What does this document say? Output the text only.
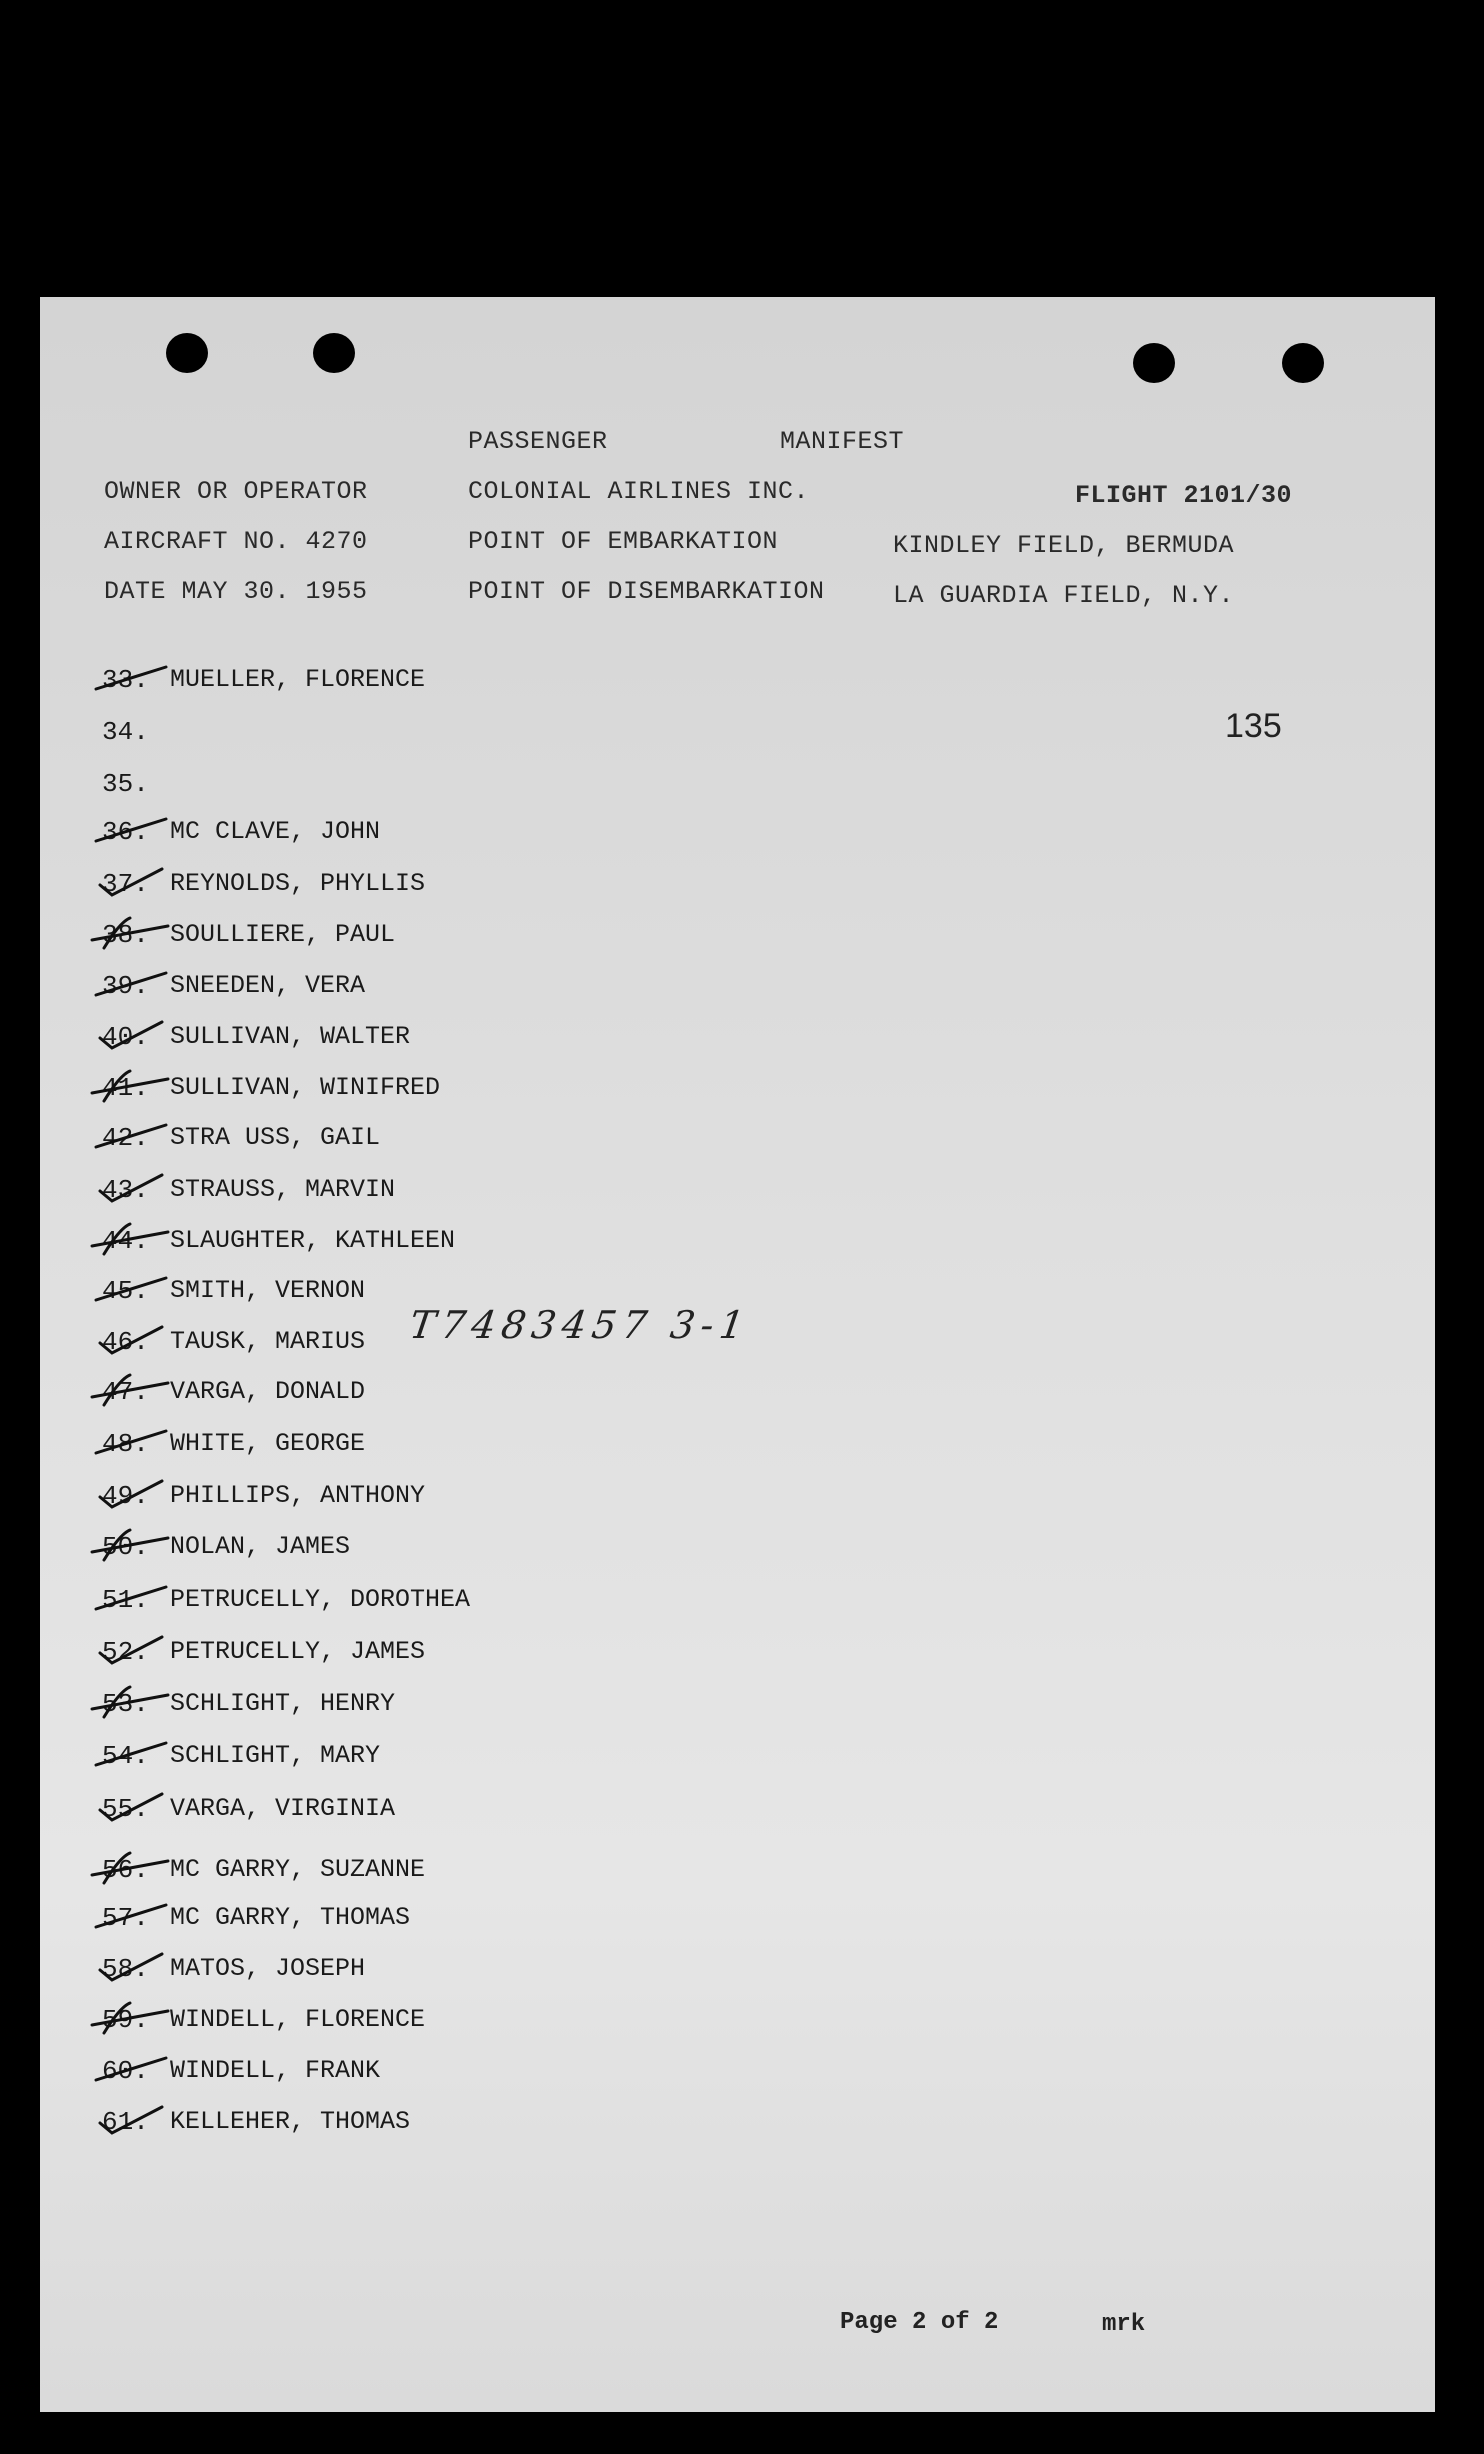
PASSENGER	MANIFEST
OWNER OR OPERATOR	COLONIAL AIRLINES INC.	FLIGHT 2101/30
AIRCRAFT NO. 4270	POINT OF EMBARKATION	KINDLEY FIELD, BERMUDA
DATE MAY 30. 1955	POINT OF DISEMBARKATION	LA GUARDIA FIELD, N.Y.
135
33. MUELLER, FLORENCE
34.
35.
36. MC CLAVE, JOHN
37. REYNOLDS, PHYLLIS
38. SOULLIERE, PAUL
39. SNEEDEN, VERA
40. SULLIVAN, WALTER
41. SULLIVAN, WINIFRED
42. STRA USS, GAIL
43. STRAUSS, MARVIN
44. SLAUGHTER, KATHLEEN
45. SMITH, VERNON
46. TAUSK, MARIUS
47. VARGA, DONALD
48. WHITE, GEORGE
49. PHILLIPS, ANTHONY
50. NOLAN, JAMES
51. PETRUCELLY, DOROTHEA
52. PETRUCELLY, JAMES
53. SCHLIGHT, HENRY
54. SCHLIGHT, MARY
55. VARGA, VIRGINIA
56. MC GARRY, SUZANNE
57. MC GARRY, THOMAS
58. MATOS, JOSEPH
59. WINDELL, FLORENCE
60. WINDELL, FRANK
61. KELLEHER, THOMAS
T7483457 3-1
Page 2 of 2	mrk
